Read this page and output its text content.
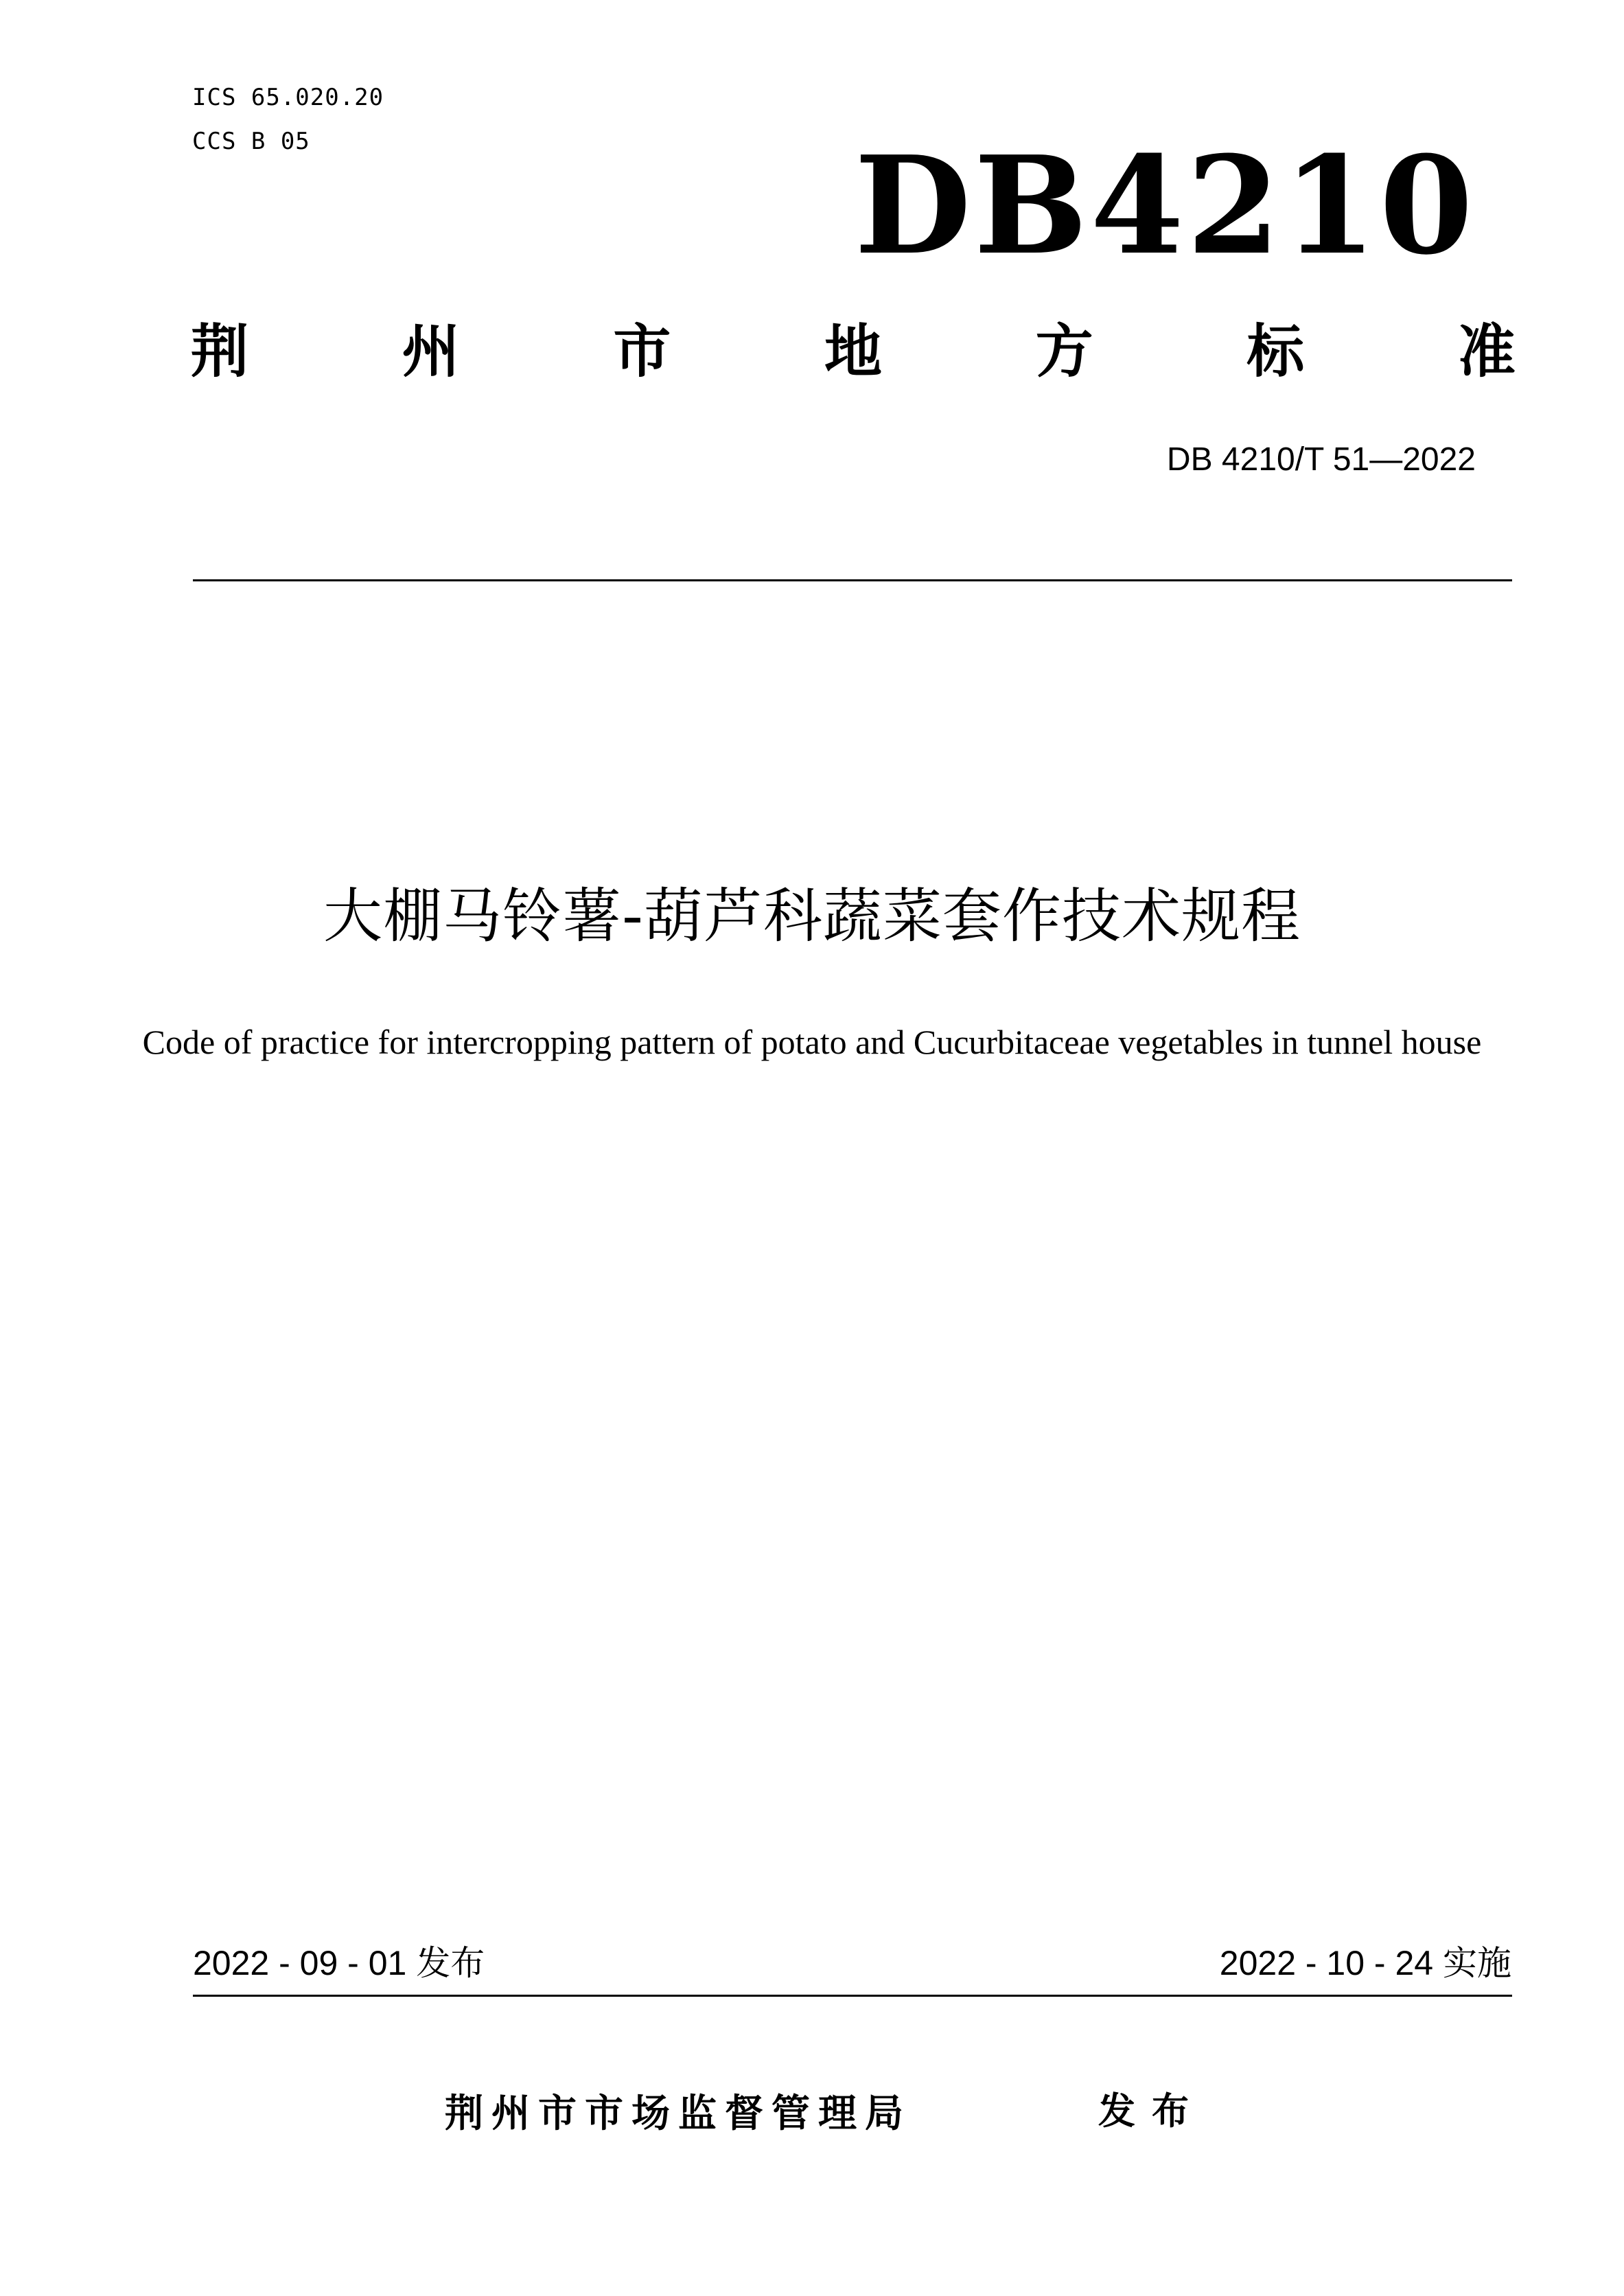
ICS 65.020.20
CCS B 05	DB4210
荆	州	市	地	方	标	准
DB 4210/T 51—2022
大棚马铃薯-葫芦科蔬菜套作技术规程
Code of practice for intercropping pattern of potato and Cucurbitaceae vegetables in tunnel house
2022 - 09 - 01 发布	2022 - 10 - 24 实施
荆州市市场监督管理局	发布
